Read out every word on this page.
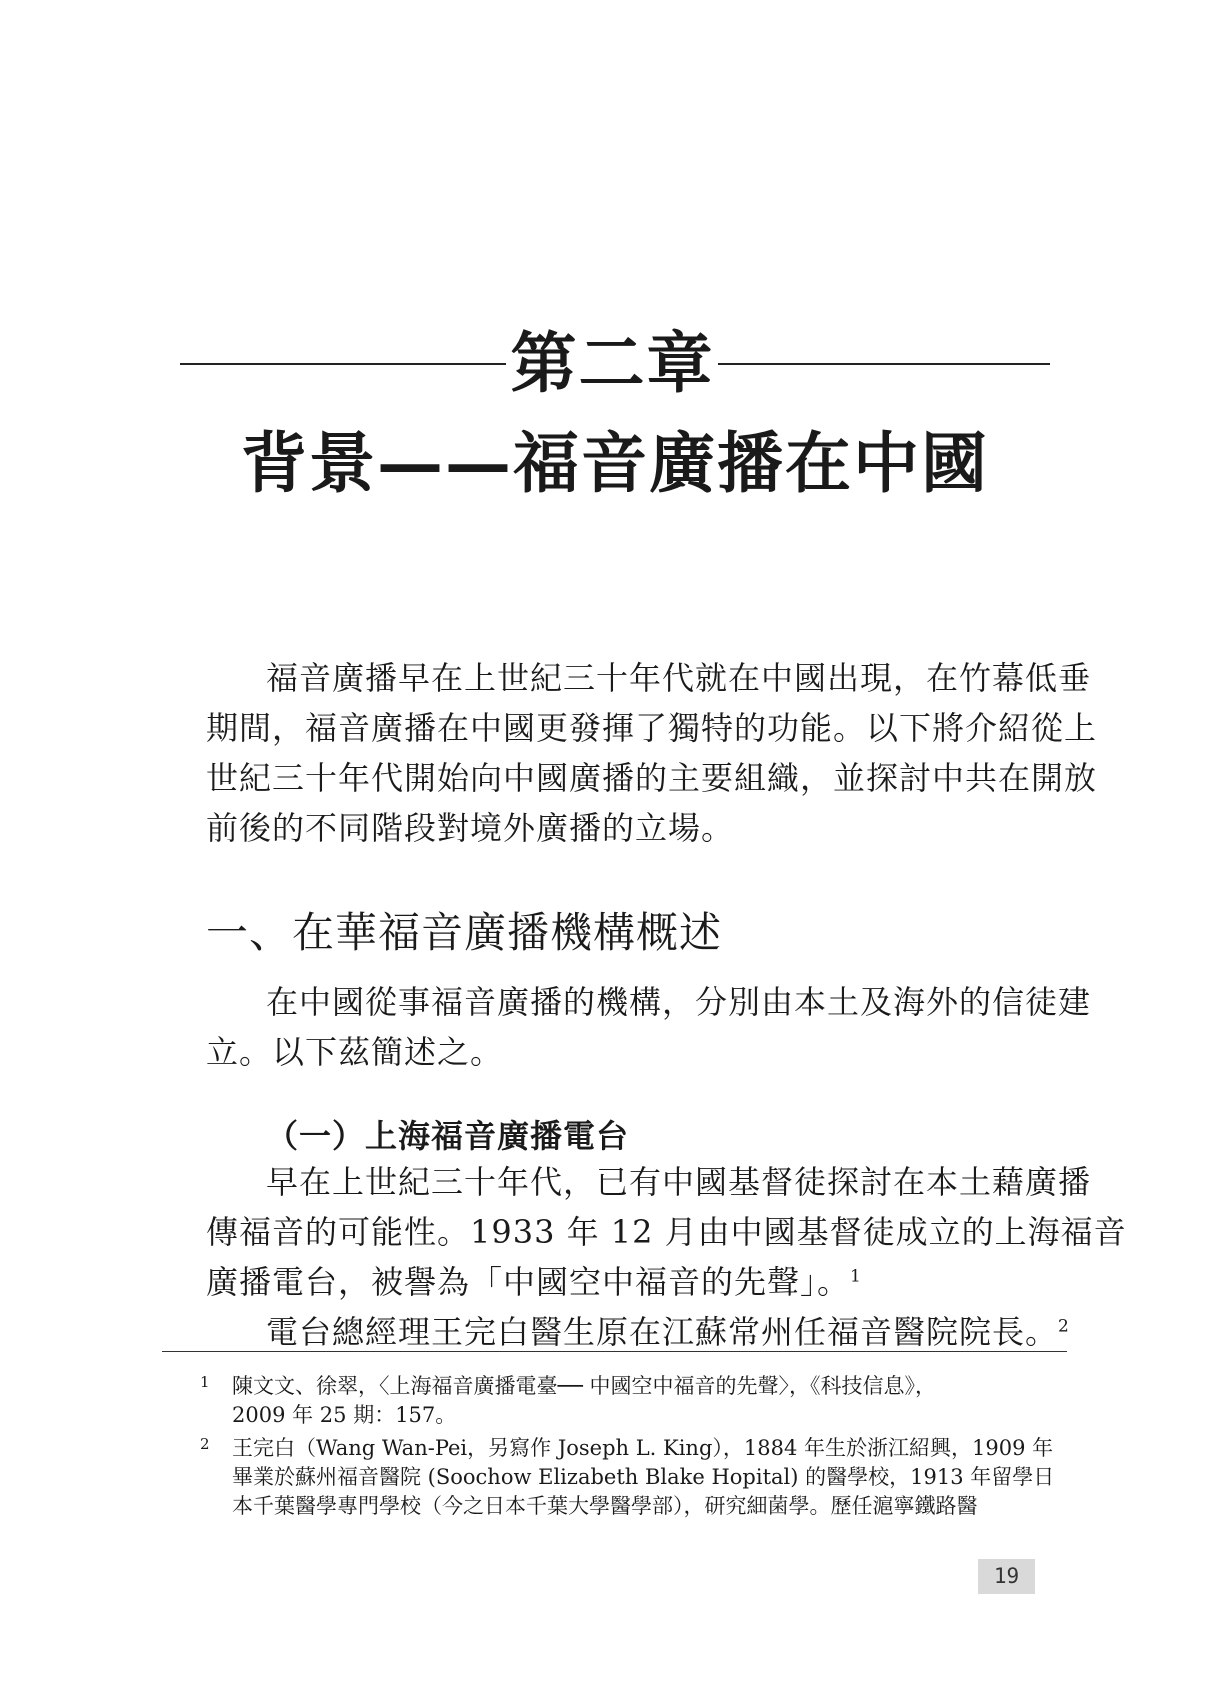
第二章
背景——福音廣播在中國

福音廣播早在上世紀三十年代就在中國出現，在竹幕低垂
期間，福音廣播在中國更發揮了獨特的功能。以下將介紹從上
世紀三十年代開始向中國廣播的主要組織，並探討中共在開放
前後的不同階段對境外廣播的立場。

一、在華福音廣播機構概述

在中國從事福音廣播的機構，分別由本土及海外的信徒建
立。以下茲簡述之。

（一）上海福音廣播電台

早在上世紀三十年代，已有中國基督徒探討在本土藉廣播
傳福音的可能性。1933 年 12 月由中國基督徒成立的上海福音
廣播電台，被譽為「中國空中福音的先聲」。$^1$
電台總經理王完白醫生原在江蘇常州任福音醫院院長。$^2$

1 陳文文、徐翠，〈上海福音廣播電臺── 中國空中福音的先聲〉，《科技信息》，
2009 年 25 期：157。
2 王完白（Wang Wan-Pei，另寫作 Joseph L. King），1884 年生於浙江紹興，1909 年
畢業於蘇州福音醫院 (Soochow Elizabeth Blake Hopital) 的醫學校，1913 年留學日
本千葉醫學專門學校（今之日本千葉大學醫學部），研究細菌學。歷任滬寧鐵路醫
19
